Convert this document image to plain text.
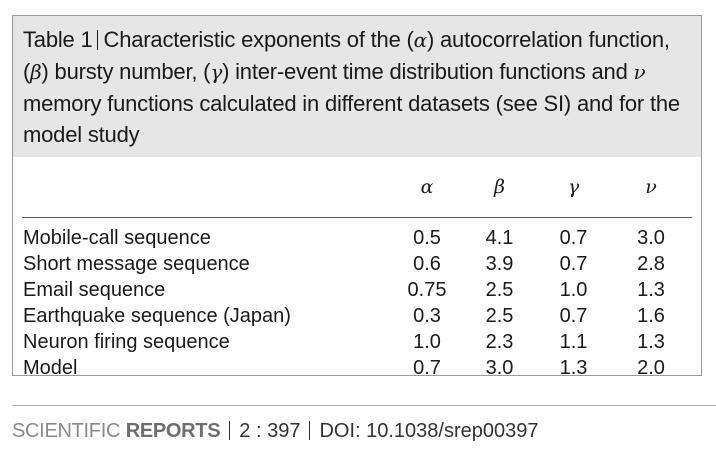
Table 1 Characteristic exponents of the (α) autocorrelation function, (β) bursty number, (γ) inter-event time distribution functions and ν memory functions calculated in different datasets (see SI) and for the model study
	α	β	γ	ν

Mobile-call sequence	0.5	4.1	0.7	3.0
Short message sequence	0.6	3.9	0.7	2.8
Email sequence	0.75	2.5	1.0	1.3
Earthquake sequence (Japan)	0.3	2.5	0.7	1.6
Neuron firing sequence	1.0	2.3	1.1	1.3
Model	0.7	3.0	1.3	2.0
SCIENTIFIC REPORTS 2 : 397 DOI: 10.1038/srep00397
